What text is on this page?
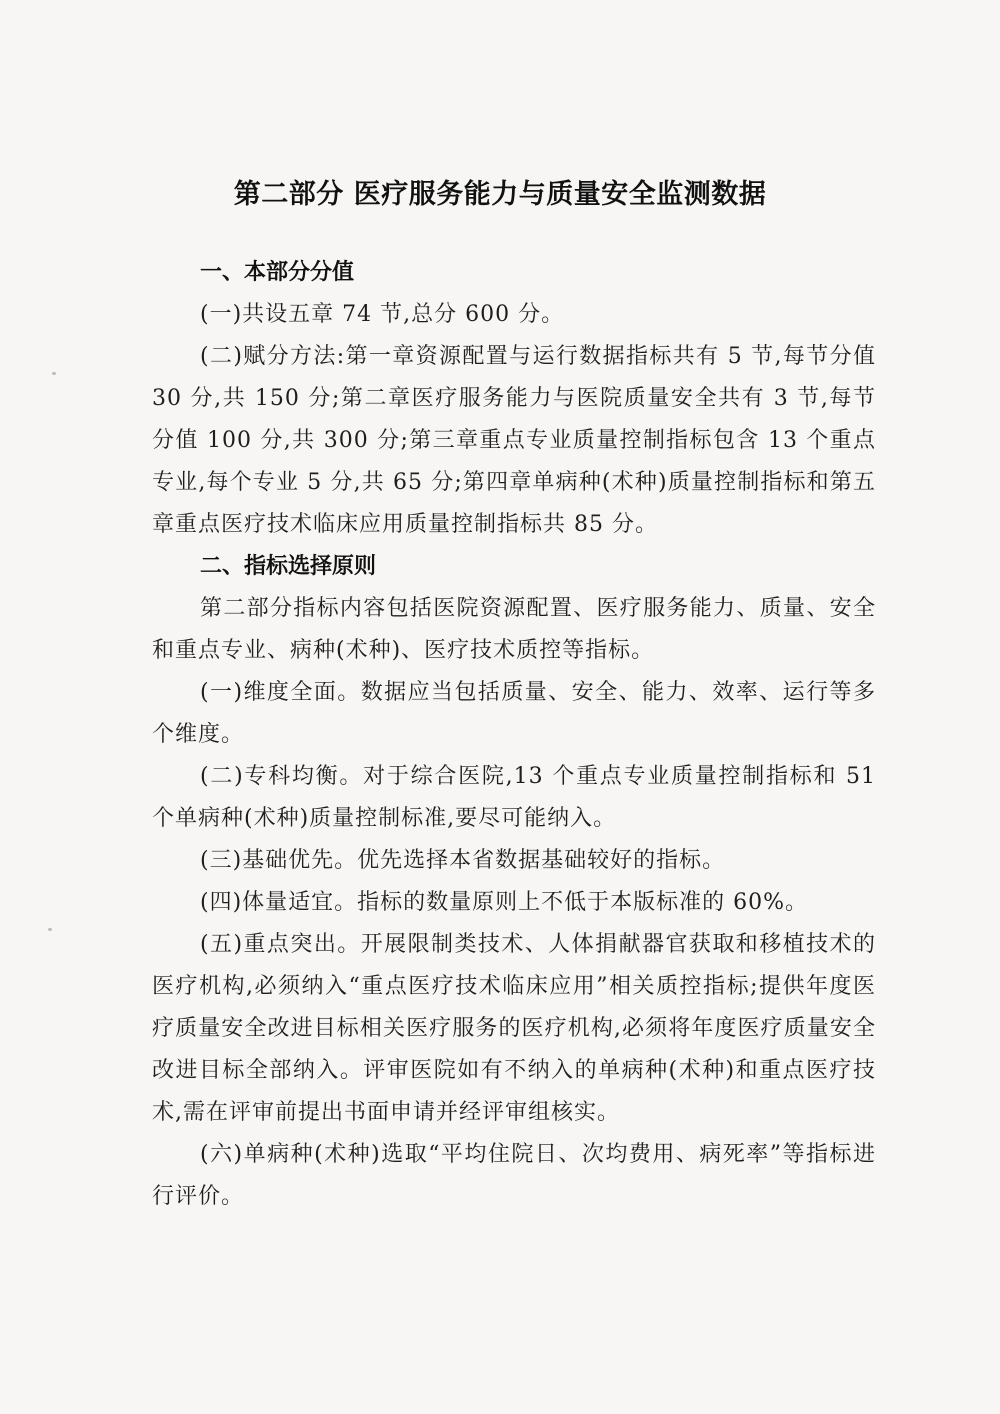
第二部分 医疗服务能力与质量安全监测数据

一、本部分分值

(一)共设五章 74 节,总分 600 分。

(二)赋分方法:第一章资源配置与运行数据指标共有 5 节,每节分值 30 分,共 150 分;第二章医疗服务能力与医院质量安全共有 3 节,每节分值 100 分,共 300 分;第三章重点专业质量控制指标包含 13 个重点专业,每个专业 5 分,共 65 分;第四章单病种(术种)质量控制指标和第五章重点医疗技术临床应用质量控制指标共 85 分。

二、指标选择原则

第二部分指标内容包括医院资源配置、医疗服务能力、质量、安全和重点专业、病种(术种)、医疗技术质控等指标。

(一)维度全面。数据应当包括质量、安全、能力、效率、运行等多个维度。

(二)专科均衡。对于综合医院,13 个重点专业质量控制指标和 51 个单病种(术种)质量控制标准,要尽可能纳入。

(三)基础优先。优先选择本省数据基础较好的指标。

(四)体量适宜。指标的数量原则上不低于本版标准的 60%。

(五)重点突出。开展限制类技术、人体捐献器官获取和移植技术的医疗机构,必须纳入“重点医疗技术临床应用”相关质控指标;提供年度医疗质量安全改进目标相关医疗服务的医疗机构,必须将年度医疗质量安全改进目标全部纳入。评审医院如有不纳入的单病种(术种)和重点医疗技术,需在评审前提出书面申请并经评审组核实。

(六)单病种(术种)选取“平均住院日、次均费用、病死率”等指标进行评价。
